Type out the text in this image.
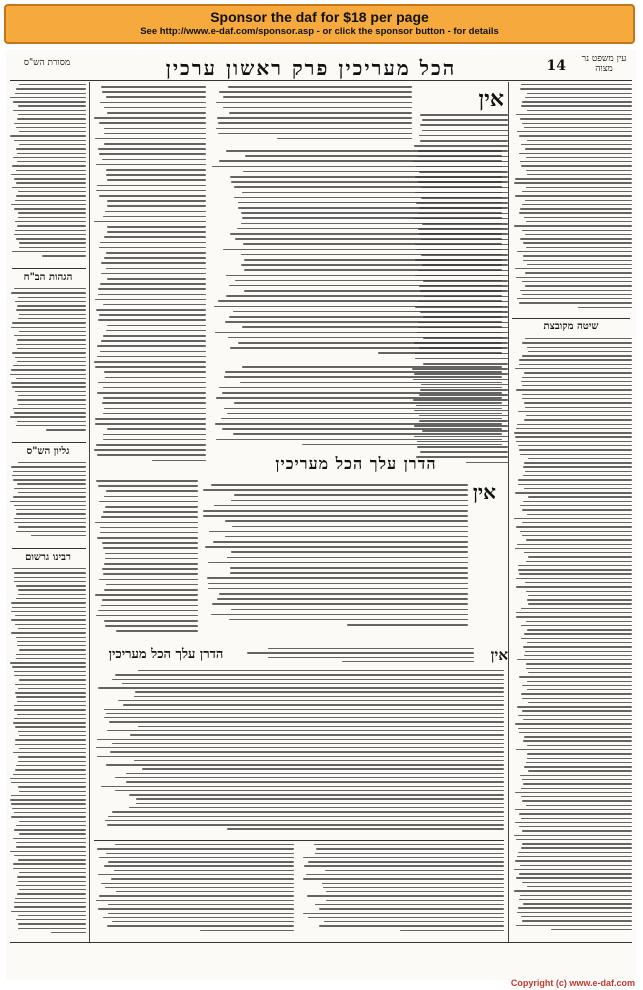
Sponsor the daf for $18 per page
See http://www.e-daf.com/sponsor.asp - or click the sponsor button - for details
עין משפט נר מצוה
14
הכל מעריכין פרק ראשון ערכין
מסורת הש"ס
שיטה מקובצת
הגהות הב"ח
גליון הש"ס
רבינו גרשום
אין
הדרן עלך הכל מעריכין
אין
הדרן עלך הכל מעריכין	אין
Copyright (c) www.e-daf.com
